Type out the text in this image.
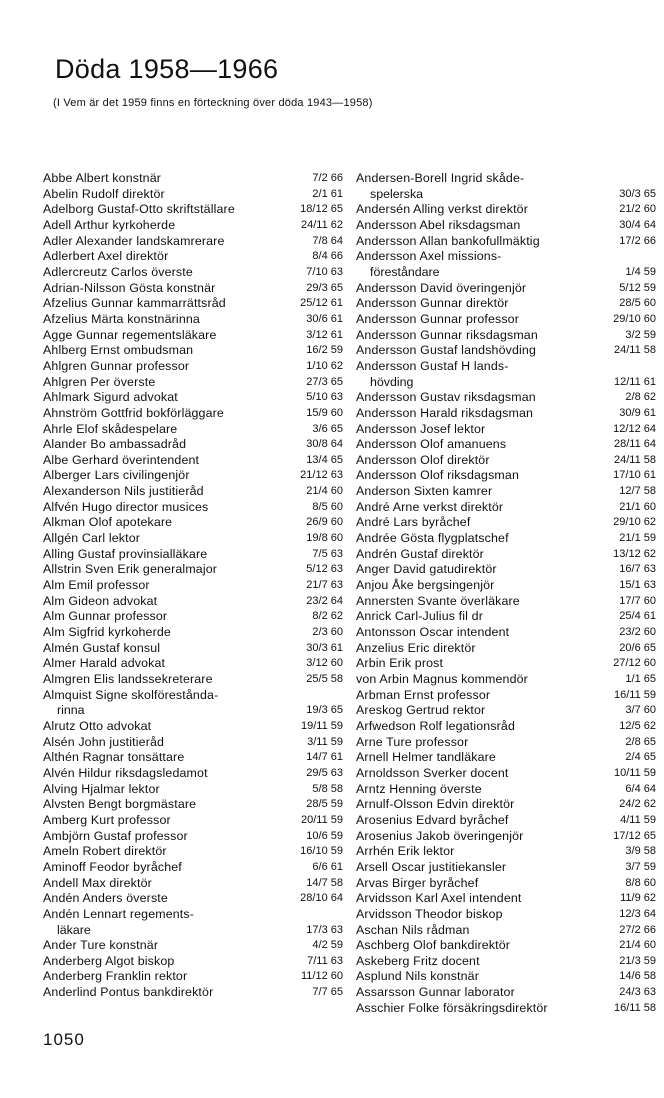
Döda 1958—1966
(I Vem är det 1959 finns en förteckning över döda 1943—1958)
Abbe Albert konstnär	7/2 66
Abelin Rudolf direktör	2/1 61
Adelborg Gustaf-Otto skriftställare	18/12 65
Adell Arthur kyrkoherde	24/11 62
Adler Alexander landskamrerare	7/8 64
Adlerbert Axel direktör	8/4 66
Adlercreutz Carlos överste	7/10 63
Adrian-Nilsson Gösta konstnär	29/3 65
Afzelius Gunnar kammarrättsråd	25/12 61
Afzelius Märta konstnärinna	30/6 61
Agge Gunnar regementsläkare	3/12 61
Ahlberg Ernst ombudsman	16/2 59
Ahlgren Gunnar professor	1/10 62
Ahlgren Per överste	27/3 65
Ahlmark Sigurd advokat	5/10 63
Ahnström Gottfrid bokförläggare	15/9 60
Ahrle Elof skådespelare	3/6 65
Alander Bo ambassadråd	30/8 64
Albe Gerhard överintendent	13/4 65
Alberger Lars civilingenjör	21/12 63
Alexanderson Nils justitieråd	21/4 60
Alfvén Hugo director musices	8/5 60
Alkman Olof apotekare	26/9 60
Allgén Carl lektor	19/8 60
Alling Gustaf provinsialläkare	7/5 63
Allstrin Sven Erik generalmajor	5/12 63
Alm Emil professor	21/7 63
Alm Gideon advokat	23/2 64
Alm Gunnar professor	8/2 62
Alm Sigfrid kyrkoherde	2/3 60
Almén Gustaf konsul	30/3 61
Almer Harald advokat	3/12 60
Almgren Elis landssekreterare	25/5 58
Almquist Signe skolförestånda-
rinna	19/3 65
Alrutz Otto advokat	19/11 59
Alsén John justitieråd	3/11 59
Althén Ragnar tonsättare	14/7 61
Alvén Hildur riksdagsledamot	29/5 63
Alving Hjalmar lektor	5/8 58
Alvsten Bengt borgmästare	28/5 59
Amberg Kurt professor	20/11 59
Ambjörn Gustaf professor	10/6 59
Ameln Robert direktör	16/10 59
Aminoff Feodor byråchef	6/6 61
Andell Max direktör	14/7 58
Andén Anders överste	28/10 64
Andén Lennart regements-
läkare	17/3 63
Ander Ture konstnär	4/2 59
Anderberg Algot biskop	7/11 63
Anderberg Franklin rektor	11/12 60
Anderlind Pontus bankdirektör	7/7 65
Andersen-Borell Ingrid skåde-
spelerska	30/3 65
Andersén Alling verkst direktör	21/2 60
Andersson Abel riksdagsman	30/4 64
Andersson Allan bankofullmäktig	17/2 66
Andersson Axel missions-
föreståndare	1/4 59
Andersson David överingenjör	5/12 59
Andersson Gunnar direktör	28/5 60
Andersson Gunnar professor	29/10 60
Andersson Gunnar riksdagsman	3/2 59
Andersson Gustaf landshövding	24/11 58
Andersson Gustaf H lands-
hövding	12/11 61
Andersson Gustav riksdagsman	2/8 62
Andersson Harald riksdagsman	30/9 61
Andersson Josef lektor	12/12 64
Andersson Olof amanuens	28/11 64
Andersson Olof direktör	24/11 58
Andersson Olof riksdagsman	17/10 61
Anderson Sixten kamrer	12/7 58
André Arne verkst direktör	21/1 60
André Lars byråchef	29/10 62
Andrée Gösta flygplatschef	21/1 59
Andrén Gustaf direktör	13/12 62
Anger David gatudirektör	16/7 63
Anjou Åke bergsingenjör	15/1 63
Annersten Svante överläkare	17/7 60
Anrick Carl-Julius fil dr	25/4 61
Antonsson Oscar intendent	23/2 60
Anzelius Eric direktör	20/6 65
Arbin Erik prost	27/12 60
von Arbin Magnus kommendör	1/1 65
Arbman Ernst professor	16/11 59
Areskog Gertrud rektor	3/7 60
Arfwedson Rolf legationsråd	12/5 62
Arne Ture professor	2/8 65
Arnell Helmer tandläkare	2/4 65
Arnoldsson Sverker docent	10/11 59
Arntz Henning överste	6/4 64
Arnulf-Olsson Edvin direktör	24/2 62
Arosenius Edvard byråchef	4/11 59
Arosenius Jakob överingenjör	17/12 65
Arrhén Erik lektor	3/9 58
Arsell Oscar justitiekansler	3/7 59
Arvas Birger byråchef	8/8 60
Arvidsson Karl Axel intendent	11/9 62
Arvidsson Theodor biskop	12/3 64
Aschan Nils rådman	27/2 66
Aschberg Olof bankdirektör	21/4 60
Askeberg Fritz docent	21/3 59
Asplund Nils konstnär	14/6 58
Assarsson Gunnar laborator	24/3 63
Asschier Folke försäkringsdirektör	16/11 58
1050
